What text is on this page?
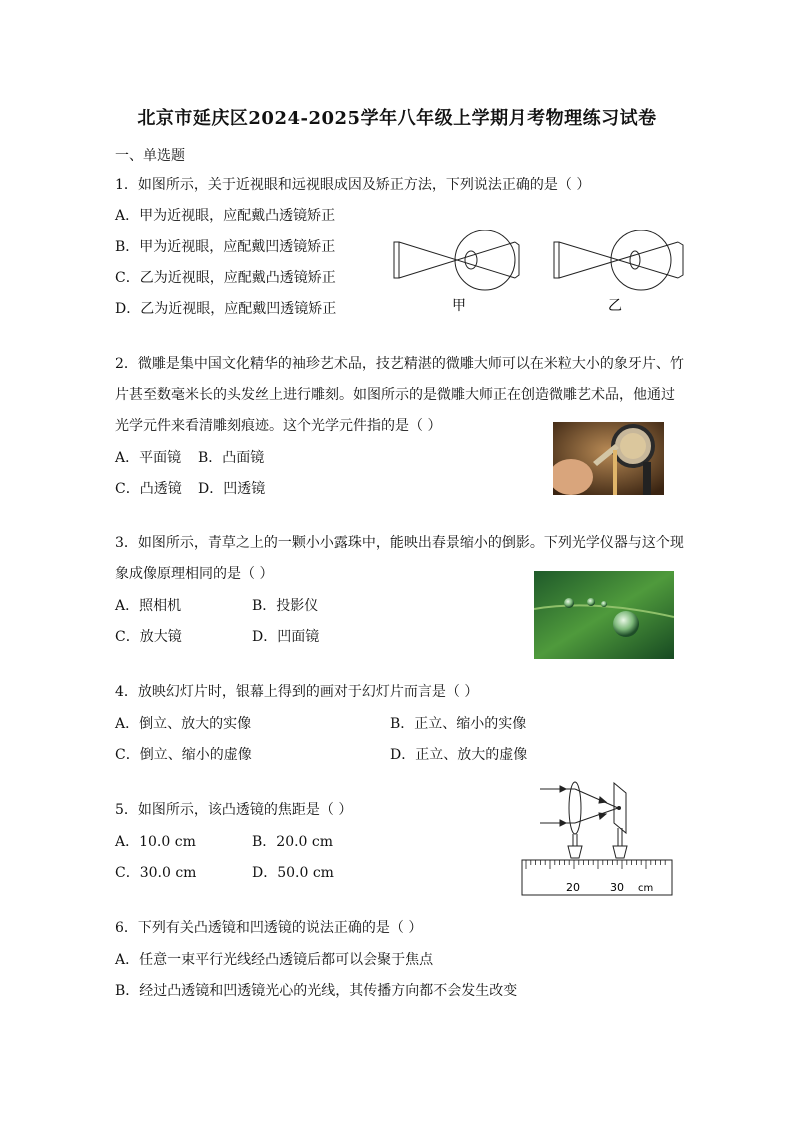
北京市延庆区2024-2025学年八年级上学期月考物理练习试卷
一、单选题
1．如图所示，关于近视眼和远视眼成因及矫正方法，下列说法正确的是（ ）
A．甲为近视眼，应配戴凸透镜矫正
B．甲为近视眼，应配戴凹透镜矫正
C．乙为近视眼，应配戴凸透镜矫正
D．乙为近视眼，应配戴凹透镜矫正	甲	乙
2．微雕是集中国文化精华的袖珍艺术品，技艺精湛的微雕大师可以在米粒大小的象牙片、竹
片甚至数毫米长的头发丝上进行雕刻。如图所示的是微雕大师正在创造微雕艺术品，他通过
光学元件来看清雕刻痕迹。这个光学元件指的是（ ）
A．平面镜 B．凸面镜
C．凸透镜 D．凹透镜
3．如图所示，青草之上的一颗小小露珠中，能映出春景缩小的倒影。下列光学仪器与这个现
象成像原理相同的是（ ）
A．照相机	B．投影仪
C．放大镜	D．凹面镜
4．放映幻灯片时，银幕上得到的画对于幻灯片而言是（ ）
A．倒立、放大的实像	B．正立、缩小的实像
C．倒立、缩小的虚像	D．正立、放大的虚像
5．如图所示，该凸透镜的焦距是（ ）
A．10.0 cm	B．20.0 cm
C．30.0 cm	D．50.0 cm
20	30 cm
6．下列有关凸透镜和凹透镜的说法正确的是（ ）
A．任意一束平行光线经凸透镜后都可以会聚于焦点
B．经过凸透镜和凹透镜光心的光线，其传播方向都不会发生改变
